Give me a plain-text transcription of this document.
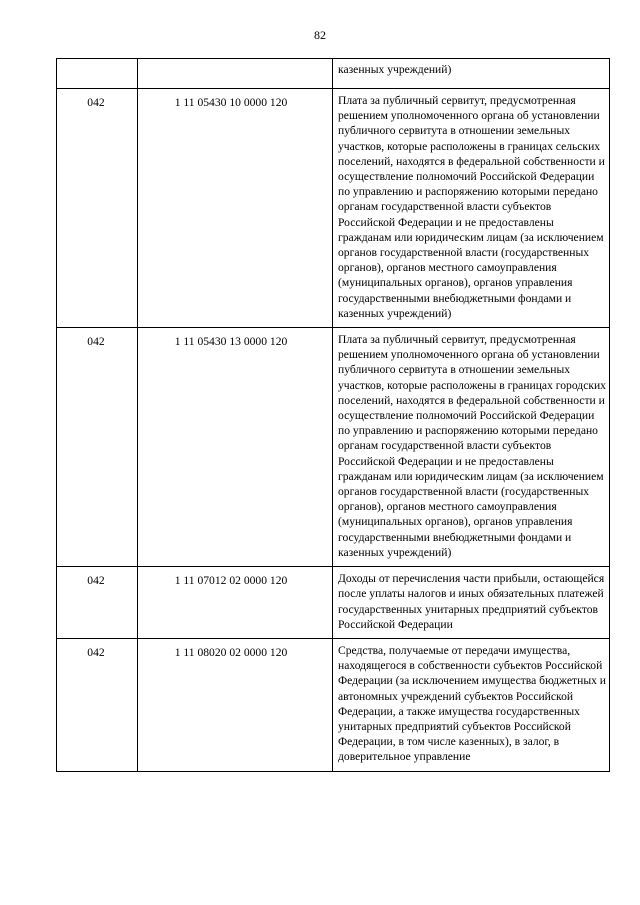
82
		казенных учреждений)
042	1 11 05430 10 0000 120	Плата за публичный сервитут, предусмотренная решением уполномоченного органа об установлении публичного сервитута в отношении земельных участков, которые расположены в границах сельских поселений, находятся в федеральной собственности и осуществление полномочий Российской Федерации по управлению и распоряжению которыми передано органам государственной власти субъектов Российской Федерации и не предоставлены гражданам или юридическим лицам (за исключением органов государственной власти (государственных органов), органов местного самоуправления (муниципальных органов), органов управления государственными внебюджетными фондами и казенных учреждений)
042	1 11 05430 13 0000 120	Плата за публичный сервитут, предусмотренная решением уполномоченного органа об установлении публичного сервитута в отношении земельных участков, которые расположены в границах городских поселений, находятся в федеральной собственности и осуществление полномочий Российской Федерации по управлению и распоряжению которыми передано органам государственной власти субъектов Российской Федерации и не предоставлены гражданам или юридическим лицам (за исключением органов государственной власти (государственных органов), органов местного самоуправления (муниципальных органов), органов управления государственными внебюджетными фондами и казенных учреждений)
042	1 11 07012 02 0000 120	Доходы от перечисления части прибыли, остающейся после уплаты налогов и иных обязательных платежей государственных унитарных предприятий субъектов Российской Федерации
042	1 11 08020 02 0000 120	Средства, получаемые от передачи имущества, находящегося в собственности субъектов Российской Федерации (за исключением имущества бюджетных и автономных учреждений субъектов Российской Федерации, а также имущества государственных унитарных предприятий субъектов Российской Федерации, в том числе казенных), в залог, в доверительное управление
